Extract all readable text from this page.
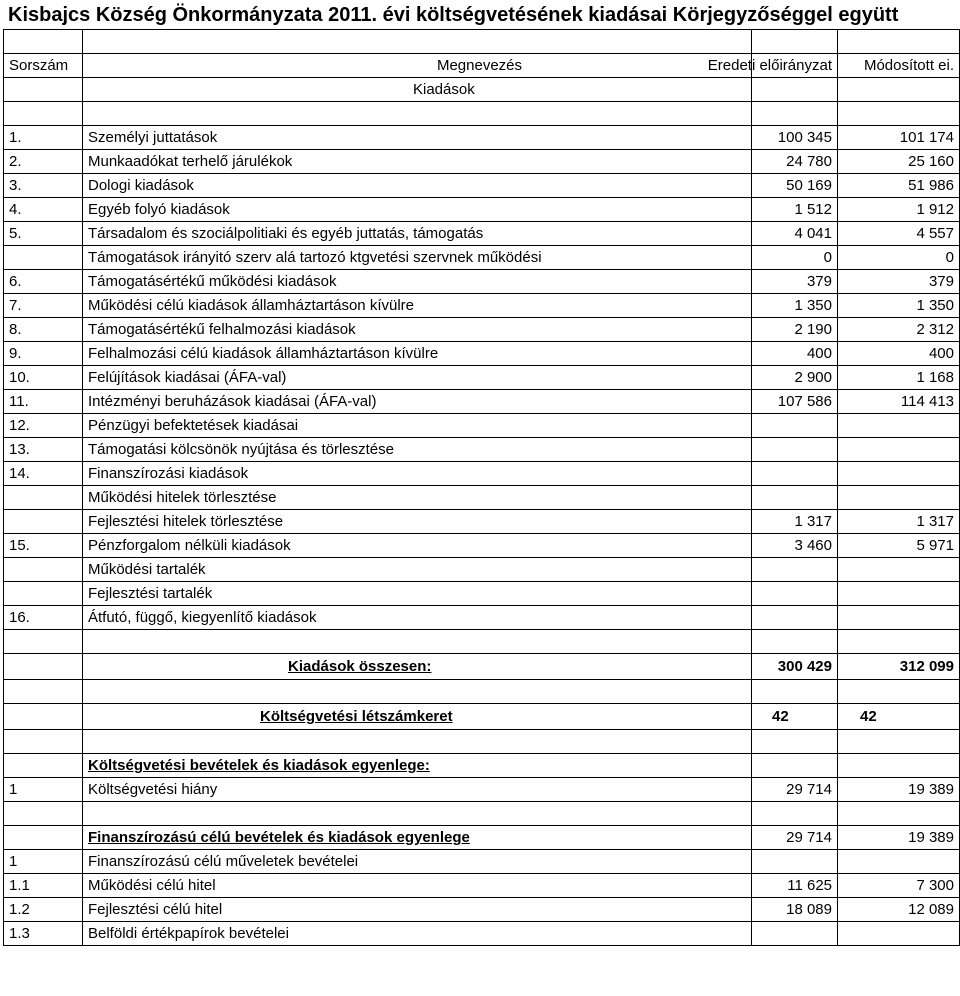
Kisbajcs Község Önkormányzata 2011. évi költségvetésének kiadásai Körjegyzőséggel együtt

Sorszám	Megnevezés	Eredeti előirányzat	Módosított ei.
	Kiadások		

1.	Személyi juttatások	100 345	101 174
2.	Munkaadókat terhelő járulékok	24 780	25 160
3.	Dologi kiadások	50 169	51 986
4.	Egyéb folyó kiadások	1 512	1 912
5.	Társadalom és szociálpolitiaki és egyéb juttatás, támogatás	4 041	4 557
	Támogatások irányitó szerv alá tartozó ktgvetési szervnek működési	0	0
6.	Támogatásértékű működési kiadások	379	379
7.	Működési célú kiadások államháztartáson kívülre	1 350	1 350
8.	Támogatásértékű felhalmozási kiadások	2 190	2 312
9.	Felhalmozási célú kiadások államháztartáson kívülre	400	400
10.	Felújítások kiadásai (ÁFA-val)	2 900	1 168
11.	Intézményi beruházások kiadásai (ÁFA-val)	107 586	114 413
12.	Pénzügyi befektetések kiadásai		
13.	Támogatási kölcsönök nyújtása és törlesztése		
14.	Finanszírozási kiadások		
	Működési hitelek törlesztése		
	Fejlesztési hitelek törlesztése	1 317	1 317
15.	Pénzforgalom nélküli kiadások	3 460	5 971
	Működési tartalék		
	Fejlesztési tartalék		
16.	Átfutó, függő, kiegyenlítő kiadások		

	Kiadások összesen:	300 429	312 099

	Költségvetési létszámkeret	42	42

	Költségvetési bevételek és kiadások egyenlege:		
1	Költségvetési hiány	29 714	19 389

	Finanszírozású célú bevételek és kiadások egyenlege	29 714	19 389
1	Finanszírozású célú műveletek bevételei		
1.1	Működési célú hitel	11 625	7 300
1.2	Fejlesztési célú hitel	18 089	12 089
1.3	Belföldi értékpapírok bevételei		
